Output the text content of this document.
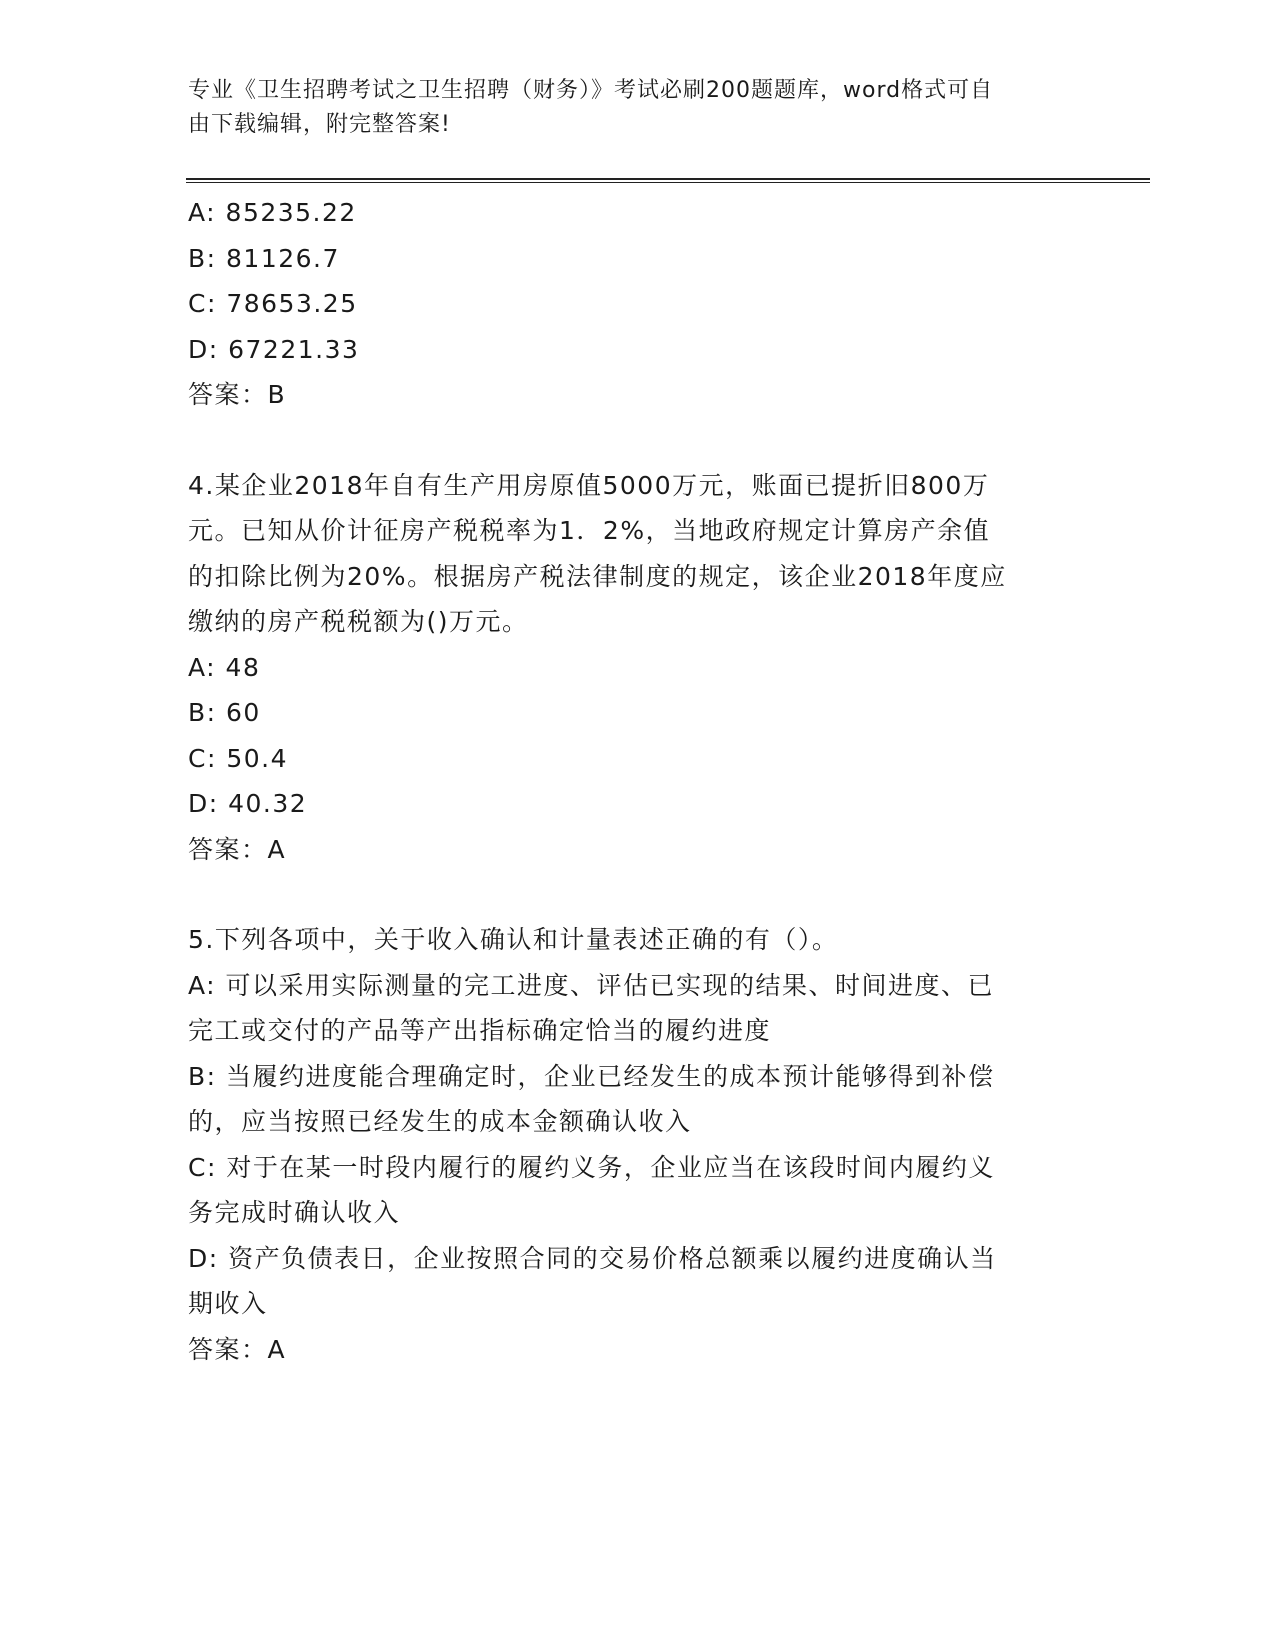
专业《卫生招聘考试之卫生招聘（财务）》考试必刷200题题库，word格式可自
由下载编辑，附完整答案!
A: 85235.22
B: 81126.7
C: 78653.25
D: 67221.33
答案：B
4.某企业2018年自有生产用房原值5000万元，账面已提折旧800万
元。已知从价计征房产税税率为1．2%，当地政府规定计算房产余值
的扣除比例为20%。根据房产税法律制度的规定，该企业2018年度应
缴纳的房产税税额为()万元。
A: 48
B: 60
C: 50.4
D: 40.32
答案：A
5.下列各项中，关于收入确认和计量表述正确的有（）。
A: 可以采用实际测量的完工进度、评估已实现的结果、时间进度、已
完工或交付的产品等产出指标确定恰当的履约进度
B: 当履约进度能合理确定时，企业已经发生的成本预计能够得到补偿
的，应当按照已经发生的成本金额确认收入
C: 对于在某一时段内履行的履约义务，企业应当在该段时间内履约义
务完成时确认收入
D: 资产负债表日，企业按照合同的交易价格总额乘以履约进度确认当
期收入
答案：A
